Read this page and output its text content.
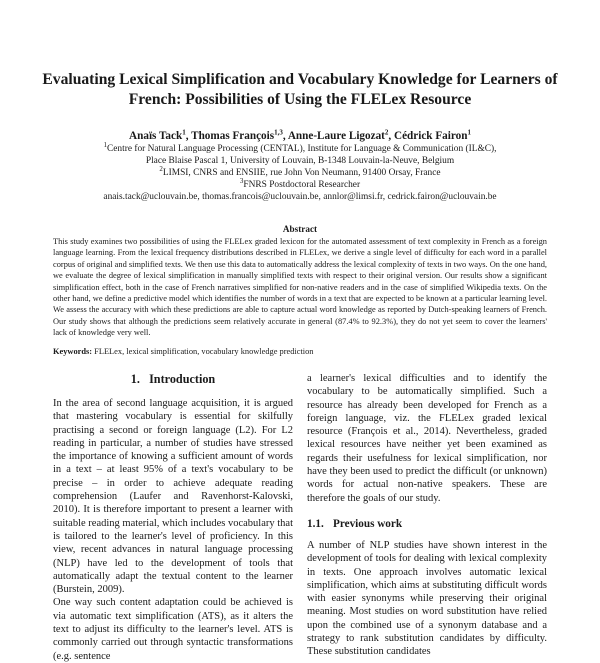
Evaluating Lexical Simplification and Vocabulary Knowledge for Learners of French: Possibilities of Using the FLELex Resource
Anaïs Tack$^1$, Thomas François$^{1,3}$, Anne-Laure Ligozat$^2$, Cédrick Fairon$^1$
$^1$Centre for Natural Language Processing (CENTAL), Institute for Language & Communication (IL&C),
Place Blaise Pascal 1, University of Louvain, B-1348 Louvain-la-Neuve, Belgium
$^2$LIMSI, CNRS and ENSIIE, rue John Von Neumann, 91400 Orsay, France
$^3$FNRS Postdoctoral Researcher
anais.tack@uclouvain.be, thomas.francois@uclouvain.be, annlor@limsi.fr, cedrick.fairon@uclouvain.be
Abstract
This study examines two possibilities of using the FLELex graded lexicon for the automated assessment of text complexity in French as a foreign language learning. From the lexical frequency distributions described in FLELex, we derive a single level of difficulty for each word in a parallel corpus of original and simplified texts. We then use this data to automatically address the lexical complexity of texts in two ways. On the one hand, we evaluate the degree of lexical simplification in manually simplified texts with respect to their original version. Our results show a significant simplification effect, both in the case of French narratives simplified for non-native readers and in the case of simplified Wikipedia texts. On the other hand, we define a predictive model which identifies the number of words in a text that are expected to be known at a particular learning level. We assess the accuracy with which these predictions are able to capture actual word knowledge as reported by Dutch-speaking learners of French. Our study shows that although the predictions seem relatively accurate in general (87.4% to 92.3%), they do not yet seem to cover the learners' lack of knowledge very well.
Keywords: FLELex, lexical simplification, vocabulary knowledge prediction
1. Introduction

In the area of second language acquisition, it is argued that mastering vocabulary is essential for skilfully practising a second or foreign language (L2). For L2 reading in particular, a number of studies have stressed the importance of knowing a sufficient amount of words in a text – at least 95% of a text's vocabulary to be precise – in order to achieve adequate reading comprehension (Laufer and Ravenhorst-Kalovski, 2010). It is therefore important to present a learner with suitable reading material, which includes vocabulary that is tailored to the learner's level of proficiency. In this view, recent advances in natural language processing (NLP) have led to the development of tools that automatically adapt the textual content to the learner (Burstein, 2009).

One way such content adaptation could be achieved is via automatic text simplification (ATS), as it alters the text to adjust its difficulty to the learner's level. ATS is commonly carried out through syntactic transformations (e.g. sentence

a learner's lexical difficulties and to identify the vocabulary to be automatically simplified. Such a resource has already been developed for French as a foreign language, viz. the FLELex graded lexical resource (François et al., 2014). Nevertheless, graded lexical resources have neither yet been examined as regards their usefulness for lexical simplification, nor have they been used to predict the difficult (or unknown) words for actual non-native speakers. These are therefore the goals of our study.

1.1. Previous work

A number of NLP studies have shown interest in the development of tools for dealing with lexical complexity in texts. One approach involves automatic lexical simplification, which aims at substituting difficult words with easier synonyms while preserving their original meaning. Most studies on word substitution have relied upon the combined use of a synonym database and a strategy to rank substitution candidates by difficulty. These substitution candidates
